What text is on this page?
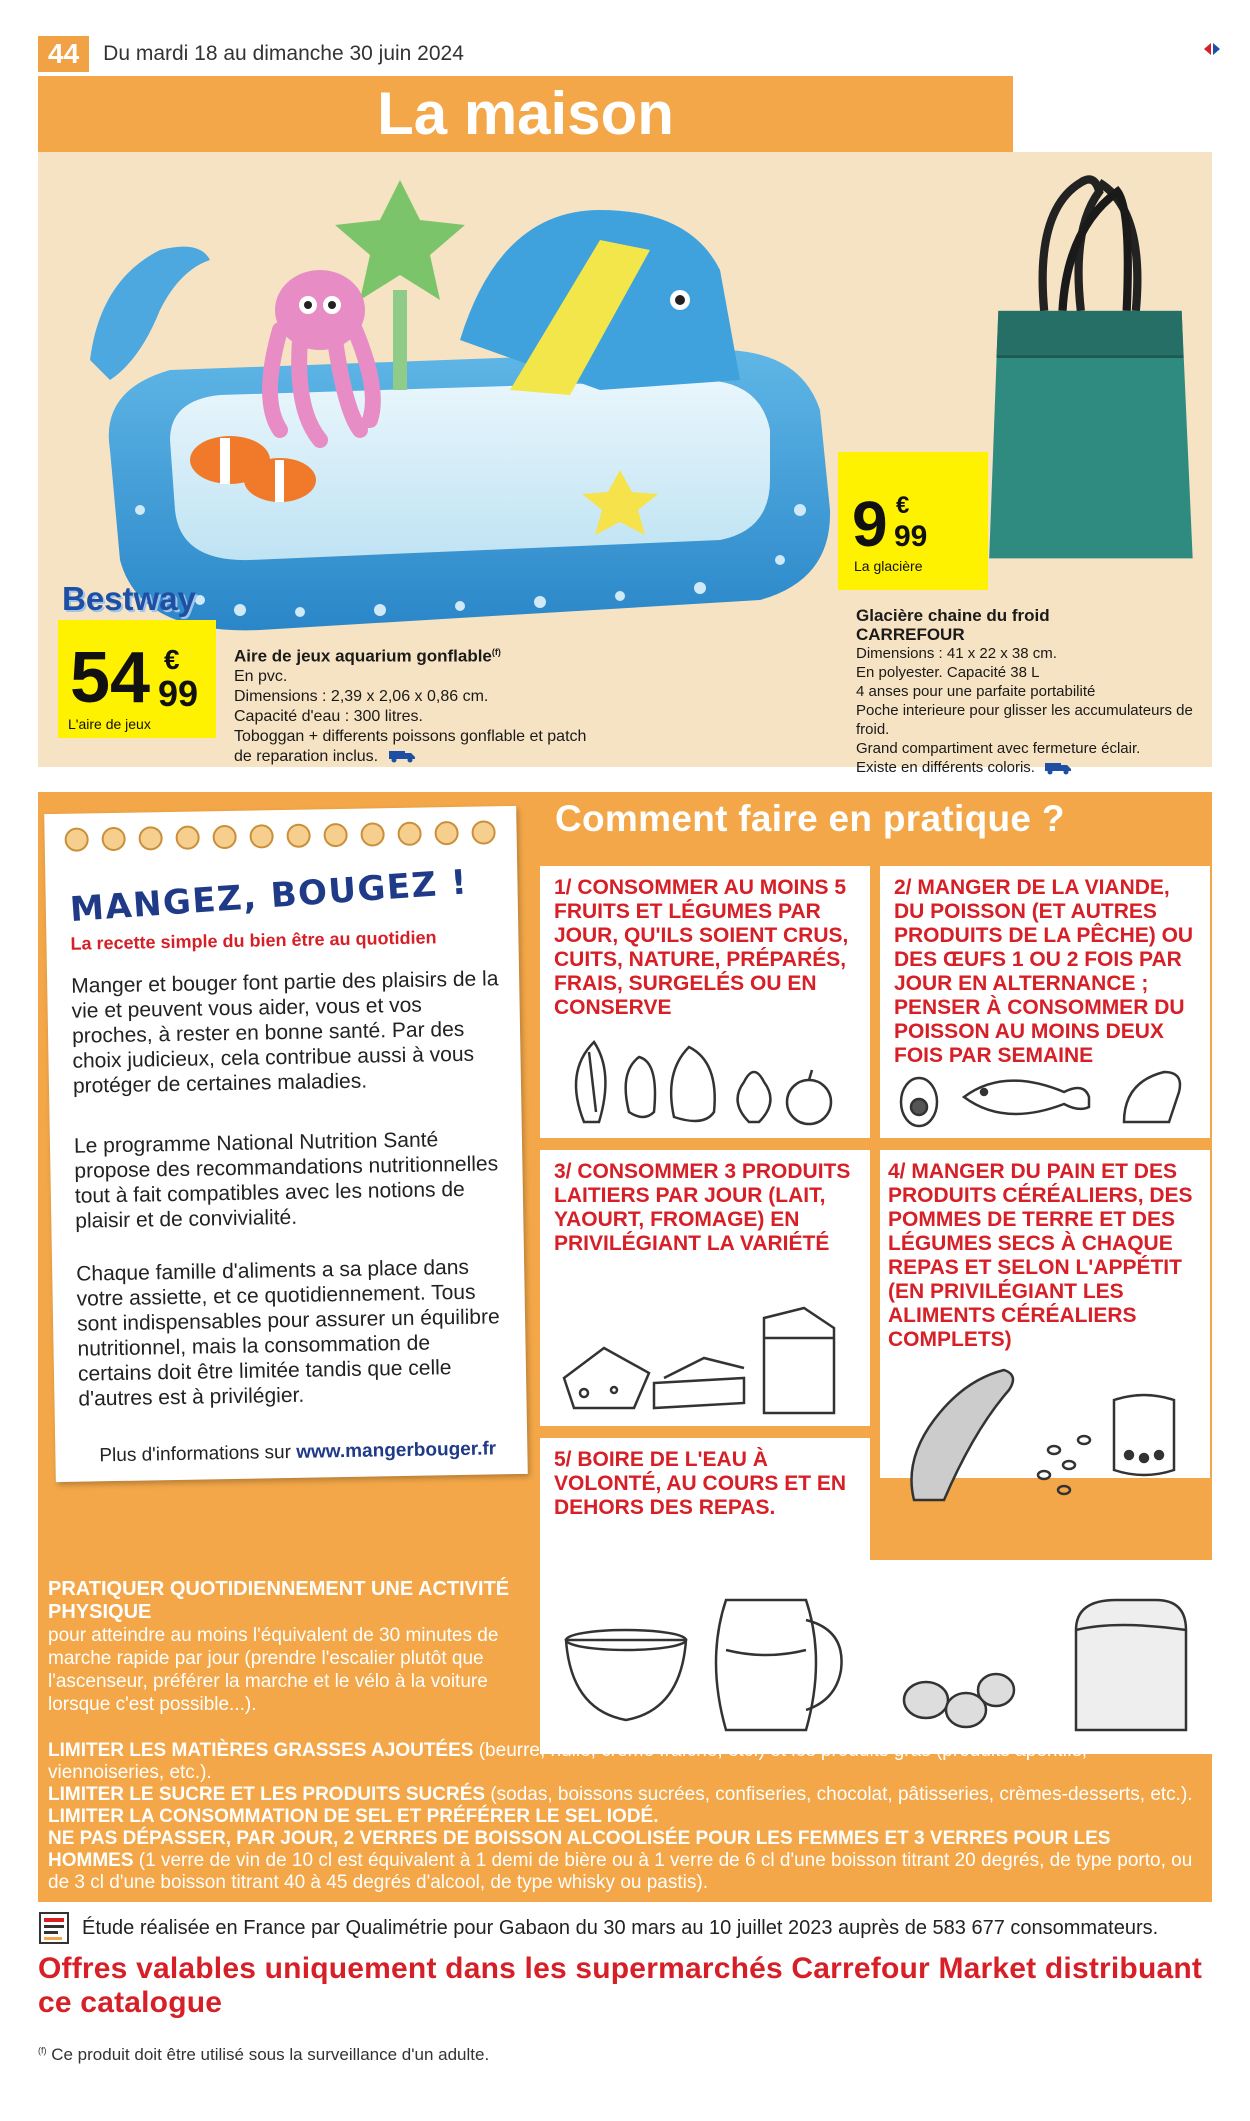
44	Du mardi 18 au dimanche 30 juin 2024
La maison
Bestway
54 €
99
L'aire de jeux
Aire de jeux aquarium gonflable$^{(f)}$
En pvc.
Dimensions : 2,39 x 2,06 x 0,86 cm.
Capacité d'eau : 300 litres.
Toboggan + differents poissons gonflable et patch
de reparation inclus.
9 €
99
La glacière
Glacière chaine du froid
CARREFOUR
Dimensions : 41 x 22 x 38 cm.
En polyester. Capacité 38 L
4 anses pour une parfaite portabilité
Poche interieure pour glisser les accumulateurs de froid.
Grand compartiment avec fermeture éclair.
Existe en différents coloris.
Comment faire en pratique ?
MANGEZ, BOUGEZ !
La recette simple du bien être au quotidien
Manger et bouger font partie des plaisirs de la vie et peuvent vous aider, vous et vos proches, à rester en bonne santé. Par des choix judicieux, cela contribue aussi à vous protéger de certaines maladies.
Le programme National Nutrition Santé propose des recommandations nutritionnelles tout à fait compatibles avec les notions de plaisir et de convivialité.
Chaque famille d'aliments a sa place dans votre assiette, et ce quotidiennement. Tous sont indispensables pour assurer un équilibre nutritionnel, mais la consommation de certains doit être limitée tandis que celle d'autres est à privilégier.
Plus d'informations sur www.mangerbouger.fr
1/ CONSOMMER AU MOINS 5 FRUITS ET LÉGUMES PAR JOUR, QU'ILS SOIENT CRUS, CUITS, NATURE, PRÉPARÉS, FRAIS, SURGELÉS OU EN CONSERVE
2/ MANGER DE LA VIANDE, DU POISSON (ET AUTRES PRODUITS DE LA PÊCHE) OU DES ŒUFS 1 OU 2 FOIS PAR JOUR EN ALTERNANCE ; PENSER À CONSOMMER DU POISSON AU MOINS DEUX FOIS PAR SEMAINE
3/ CONSOMMER 3 PRODUITS LAITIERS PAR JOUR (LAIT, YAOURT, FROMAGE) EN PRIVILÉGIANT LA VARIÉTÉ
4/ MANGER DU PAIN ET DES PRODUITS CÉRÉALIERS, DES POMMES DE TERRE ET DES LÉGUMES SECS À CHAQUE REPAS ET SELON L'APPÉTIT (EN PRIVILÉGIANT LES ALIMENTS CÉRÉALIERS COMPLETS)
5/ BOIRE DE L'EAU À VOLONTÉ, AU COURS ET EN DEHORS DES REPAS.
PRATIQUER QUOTIDIENNEMENT UNE ACTIVITÉ PHYSIQUE
pour atteindre au moins l'équivalent de 30 minutes de marche rapide par jour (prendre l'escalier plutôt que l'ascenseur, préférer la marche et le vélo à la voiture lorsque c'est possible...).
LIMITER LES MATIÈRES GRASSES AJOUTÉES (beurre, huile, crème fraîche, etc.) et les produits gras (produits apéritifs, viennoiseries, etc.).
LIMITER LE SUCRE ET LES PRODUITS SUCRÉS (sodas, boissons sucrées, confiseries, chocolat, pâtisseries, crèmes-desserts, etc.).
LIMITER LA CONSOMMATION DE SEL ET PRÉFÉRER LE SEL IODÉ.
NE PAS DÉPASSER, PAR JOUR, 2 VERRES DE BOISSON ALCOOLISÉE POUR LES FEMMES ET 3 VERRES POUR LES HOMMES (1 verre de vin de 10 cl est équivalent à 1 demi de bière ou à 1 verre de 6 cl d'une boisson titrant 20 degrés, de type porto, ou de 3 cl d'une boisson titrant 40 à 45 degrés d'alcool, de type whisky ou pastis).
Étude réalisée en France par Qualimétrie pour Gabaon du 30 mars au 10 juillet 2023 auprès de 583 677 consommateurs.
Offres valables uniquement dans les supermarchés Carrefour Market distribuant ce catalogue
$^{(f)}$ Ce produit doit être utilisé sous la surveillance d'un adulte.
